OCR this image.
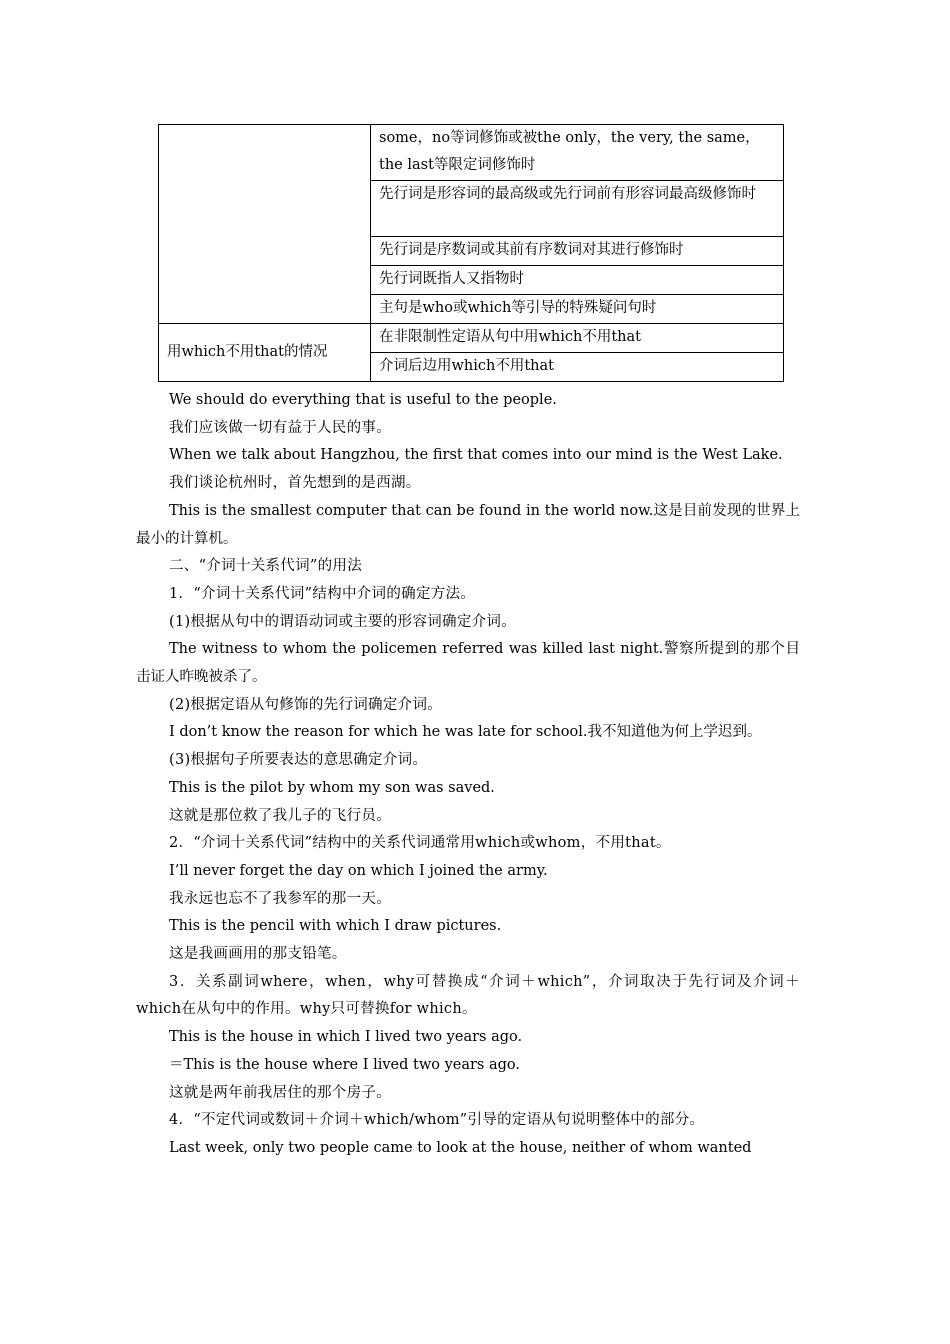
	some，no等词修饰或被the only，the very, the same，the last等限定词修饰时
	先行词是形容词的最高级或先行词前有形容词最高级修饰时
	先行词是序数词或其前有序数词对其进行修饰时
	先行词既指人又指物时
	主句是who或which等引导的特殊疑问句时
用which不用that的情况	在非限制性定语从句中用which不用that
	介词后边用which不用that

We should do everything that is useful to the people.

我们应该做一切有益于人民的事。

When we talk about Hangzhou, the first that comes into our mind is the West Lake.

我们谈论杭州时，首先想到的是西湖。

This is the smallest computer that can be found in the world now.这是目前发现的世界上最小的计算机。

二、“介词十关系代词”的用法

1．“介词十关系代词”结构中介词的确定方法。

(1)根据从句中的谓语动词或主要的形容词确定介词。

The witness to whom the policemen referred was killed last night.警察所提到的那个目击证人昨晚被杀了。

(2)根据定语从句修饰的先行词确定介词。

I don’t know the reason for which he was late for school.我不知道他为何上学迟到。

(3)根据句子所要表达的意思确定介词。

This is the pilot by whom my son was saved.

这就是那位救了我儿子的飞行员。

2．“介词十关系代词”结构中的关系代词通常用which或whom，不用that。

I’ll never forget the day on which I joined the army.

我永远也忘不了我参军的那一天。

This is the pencil with which I draw pictures.

这是我画画用的那支铅笔。

3．关系副词where，when，why可替换成“介词＋which”，介词取决于先行词及介词＋which在从句中的作用。why只可替换for which。

This is the house in which I lived two years ago.

＝This is the house where I lived two years ago.

这就是两年前我居住的那个房子。

4．“不定代词或数词＋介词＋which/whom”引导的定语从句说明整体中的部分。

Last week, only two people came to look at the house, neither of whom wanted
